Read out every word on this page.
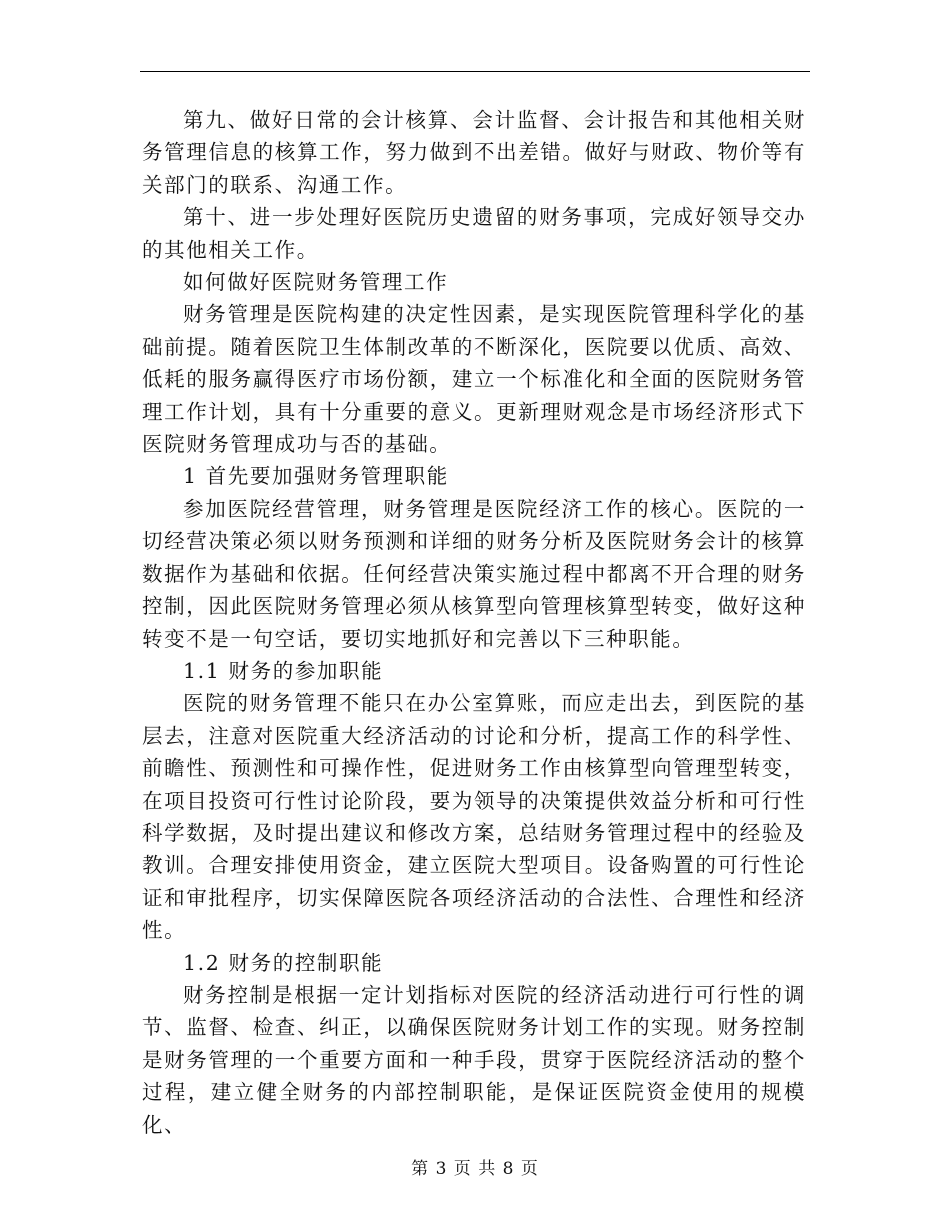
第九、做好日常的会计核算、会计监督、会计报告和其他相关财务管理信息的核算工作，努力做到不出差错。做好与财政、物价等有关部门的联系、沟通工作。

第十、进一步处理好医院历史遗留的财务事项，完成好领导交办的其他相关工作。

如何做好医院财务管理工作

财务管理是医院构建的决定性因素，是实现医院管理科学化的基础前提。随着医院卫生体制改革的不断深化，医院要以优质、高效、低耗的服务赢得医疗市场份额，建立一个标准化和全面的医院财务管理工作计划，具有十分重要的意义。更新理财观念是市场经济形式下医院财务管理成功与否的基础。

1 首先要加强财务管理职能

参加医院经营管理，财务管理是医院经济工作的核心。医院的一切经营决策必须以财务预测和详细的财务分析及医院财务会计的核算数据作为基础和依据。任何经营决策实施过程中都离不开合理的财务控制，因此医院财务管理必须从核算型向管理核算型转变，做好这种转变不是一句空话，要切实地抓好和完善以下三种职能。

1.1 财务的参加职能

医院的财务管理不能只在办公室算账，而应走出去，到医院的基层去，注意对医院重大经济活动的讨论和分析，提高工作的科学性、前瞻性、预测性和可操作性，促进财务工作由核算型向管理型转变，在项目投资可行性讨论阶段，要为领导的决策提供效益分析和可行性科学数据，及时提出建议和修改方案，总结财务管理过程中的经验及教训。合理安排使用资金，建立医院大型项目。设备购置的可行性论证和审批程序，切实保障医院各项经济活动的合法性、合理性和经济性。

1.2 财务的控制职能

财务控制是根据一定计划指标对医院的经济活动进行可行性的调节、监督、检查、纠正，以确保医院财务计划工作的实现。财务控制是财务管理的一个重要方面和一种手段，贯穿于医院经济活动的整个过程，建立健全财务的内部控制职能，是保证医院资金使用的规模化、

第 3 页 共 8 页
